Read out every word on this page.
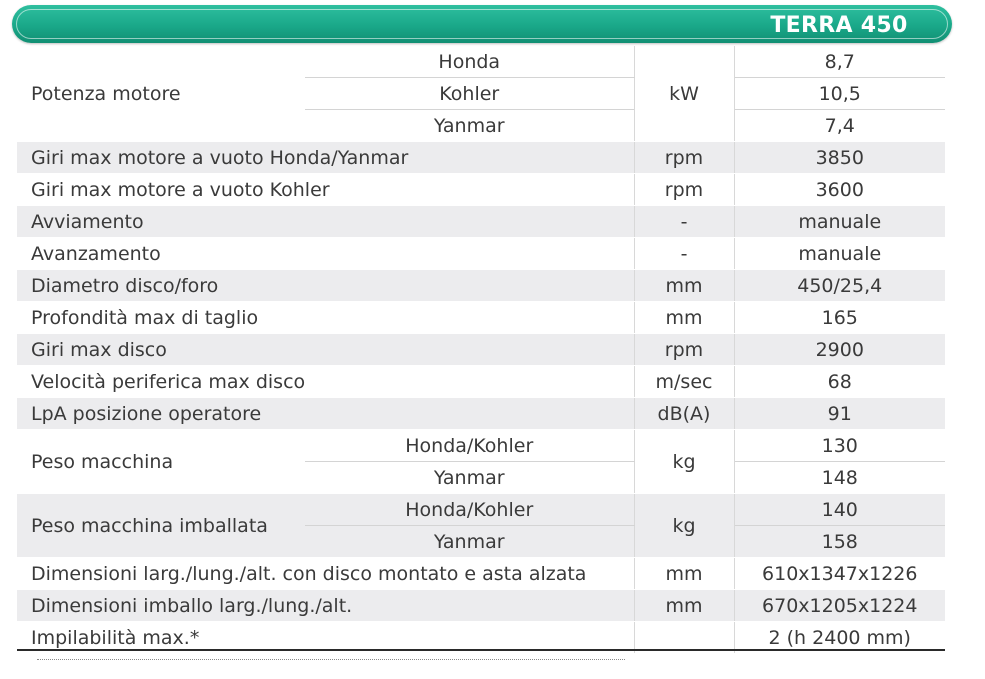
TERRA 450
Potenza motore	Honda	kW	8,7
	Kohler		10,5
	Yanmar		7,4
Giri max motore a vuoto Honda/Yanmar		rpm	3850
Giri max motore a vuoto Kohler		rpm	3600
Avviamento		-	manuale
Avanzamento		-	manuale
Diametro disco/foro		mm	450/25,4
Profondità max di taglio		mm	165
Giri max disco		rpm	2900
Velocità periferica max disco		m/sec	68
LpA posizione operatore		dB(A)	91
Peso macchina	Honda/Kohler	kg	130
	Yanmar		148
Peso macchina imballata	Honda/Kohler	kg	140
	Yanmar		158
Dimensioni larg./lung./alt. con disco montato e asta alzata		mm	610x1347x1226
Dimensioni imballo larg./lung./alt.		mm	670x1205x1224
Impilabilità max.*			2 (h 2400 mm)
